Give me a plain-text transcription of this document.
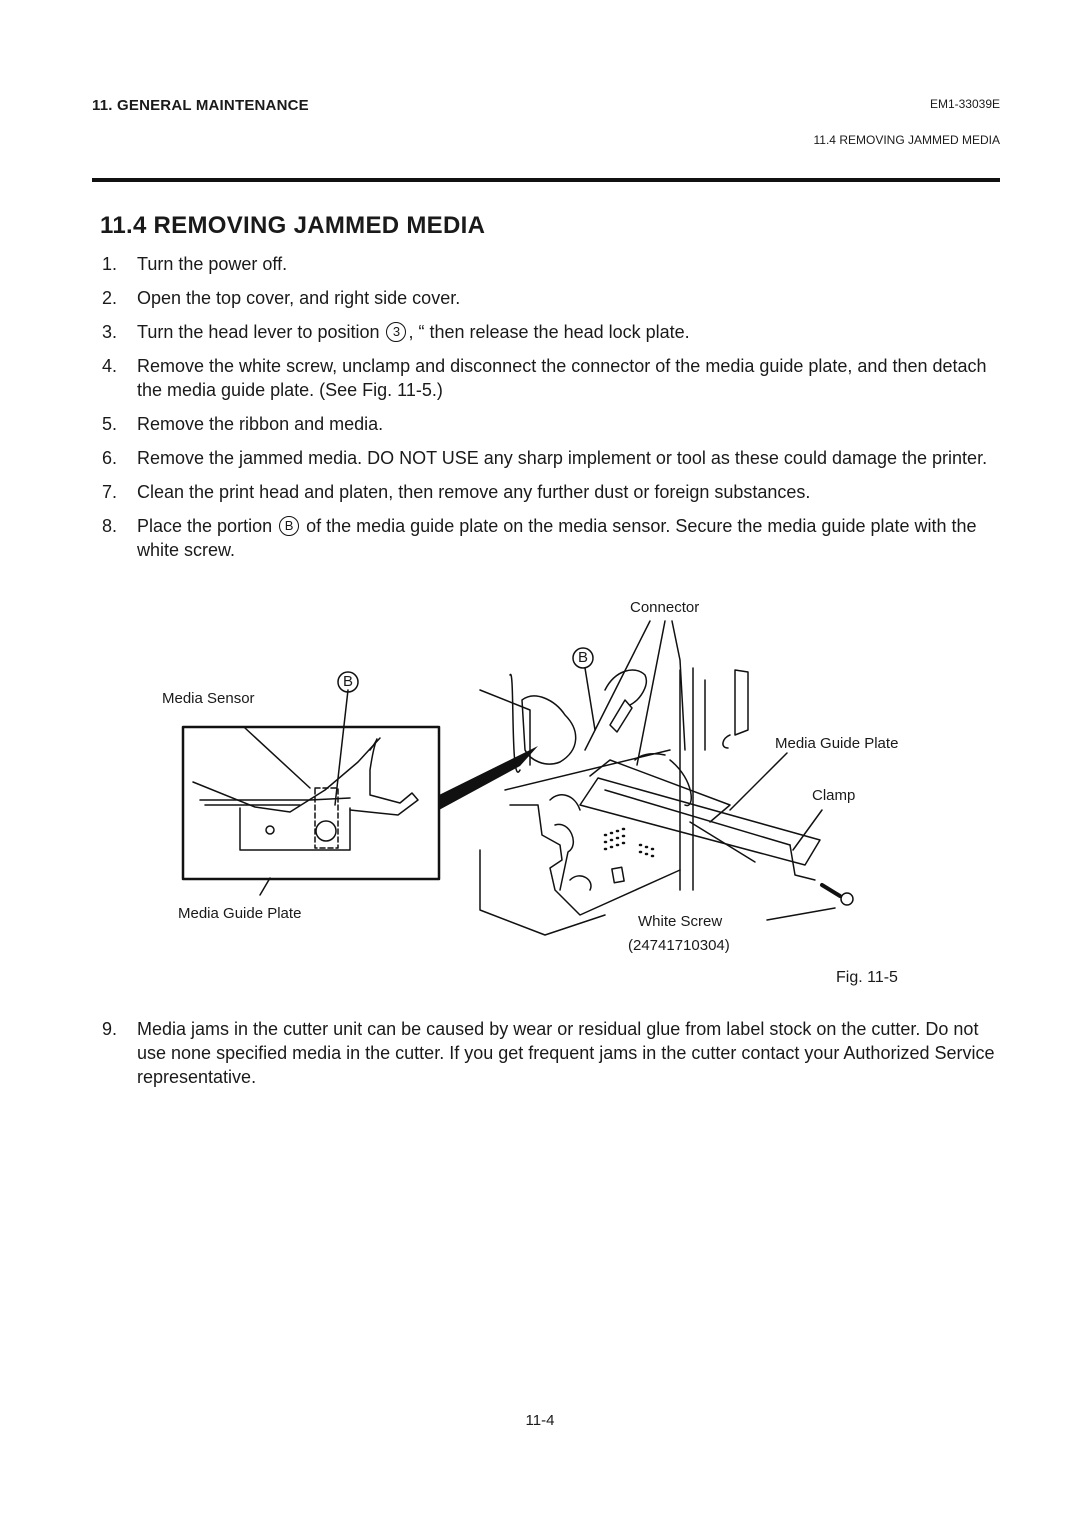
11. GENERAL MAINTENANCE	EM1-33039E
11.4 REMOVING JAMMED MEDIA
11.4 REMOVING JAMMED MEDIA
1.	Turn the power off.
2.	Open the top cover, and right side cover.
3.	Turn the head lever to position 3 , “ then release the head lock plate.
4.	Remove the white screw, unclamp and disconnect the connector of the media guide plate, and then detach the media guide plate. (See Fig. 11-5.)
5.	Remove the ribbon and media.
6.	Remove the jammed media. DO NOT USE any sharp implement or tool as these could damage the printer.
7.	Clean the print head and platen, then remove any further dust or foreign substances.
8.	Place the portion B of the media guide plate on the media sensor. Secure the media guide plate with the white screw.
B
B
Connector
Media Sensor
Media Guide Plate
Clamp
Media Guide Plate	White Screw
(24741710304)
Fig. 11-5
9.	Media jams in the cutter unit can be caused by wear or residual glue from label stock on the cutter. Do not use none specified media in the cutter. If you get frequent jams in the cutter contact your Authorized Service representative.
11-4
